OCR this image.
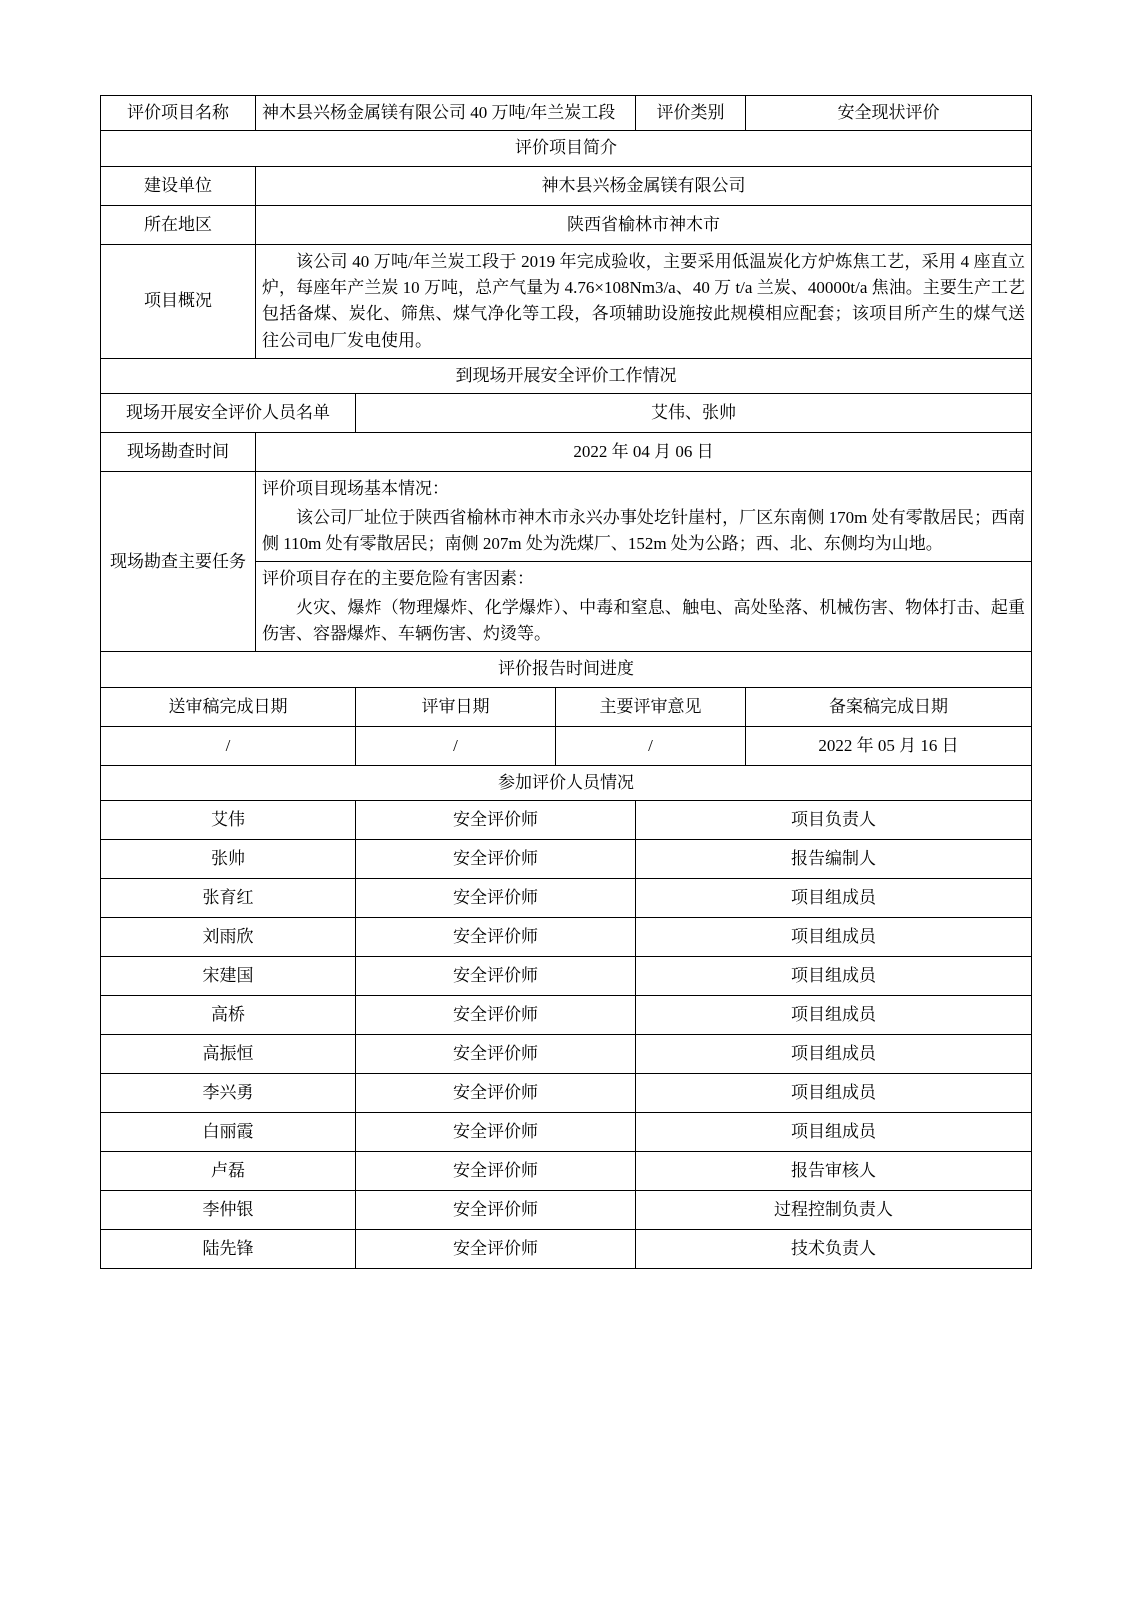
评价项目名称	神木县兴杨金属镁有限公司 40 万吨/年兰炭工段			评价类别	安全现状评价
评价项目简介					
建设单位	神木县兴杨金属镁有限公司				
所在地区	陕西省榆林市神木市				
项目概况	该公司 40 万吨/年兰炭工段于 2019 年完成验收，主要采用低温炭化方炉炼焦工艺，采用 4 座直立炉，每座年产兰炭 10 万吨，总产气量为 4.76×108Nm3/a、40 万 t/a 兰炭、40000t/a 焦油。主要生产工艺包括备煤、炭化、筛焦、煤气净化等工段，各项辅助设施按此规模相应配套；该项目所产生的煤气送往公司电厂发电使用。				

到现场开展安全评价工作情况					
现场开展安全评价人员名单		艾伟、张帅			
现场勘查时间	2022 年 04 月 06 日				
现场勘查主要任务	评价项目现场基本情况：

该公司厂址位于陕西省榆林市神木市永兴办事处圪针崖村，厂区东南侧 170m 处有零散居民；西南侧 110m 处有零散居民；南侧 207m 处为洗煤厂、152m 处为公路；西、北、东侧均为山地。				

	评价项目存在的主要危险有害因素：

火灾、爆炸（物理爆炸、化学爆炸）、中毒和窒息、触电、高处坠落、机械伤害、物体打击、起重伤害、容器爆炸、车辆伤害、灼烫等。				

评价报告时间进度					
送审稿完成日期		评审日期	主要评审意见		备案稿完成日期
/		/	/		2022 年 05 月 16 日
参加评价人员情况					
艾伟		安全评价师		项目负责人	
张帅		安全评价师		报告编制人	
张育红		安全评价师		项目组成员	
刘雨欣		安全评价师		项目组成员	
宋建国		安全评价师		项目组成员	
高桥		安全评价师		项目组成员	
高振恒		安全评价师		项目组成员	
李兴勇		安全评价师		项目组成员	
白丽霞		安全评价师		项目组成员	
卢磊		安全评价师		报告审核人	
李仲银		安全评价师		过程控制负责人	
陆先锋		安全评价师		技术负责人	
